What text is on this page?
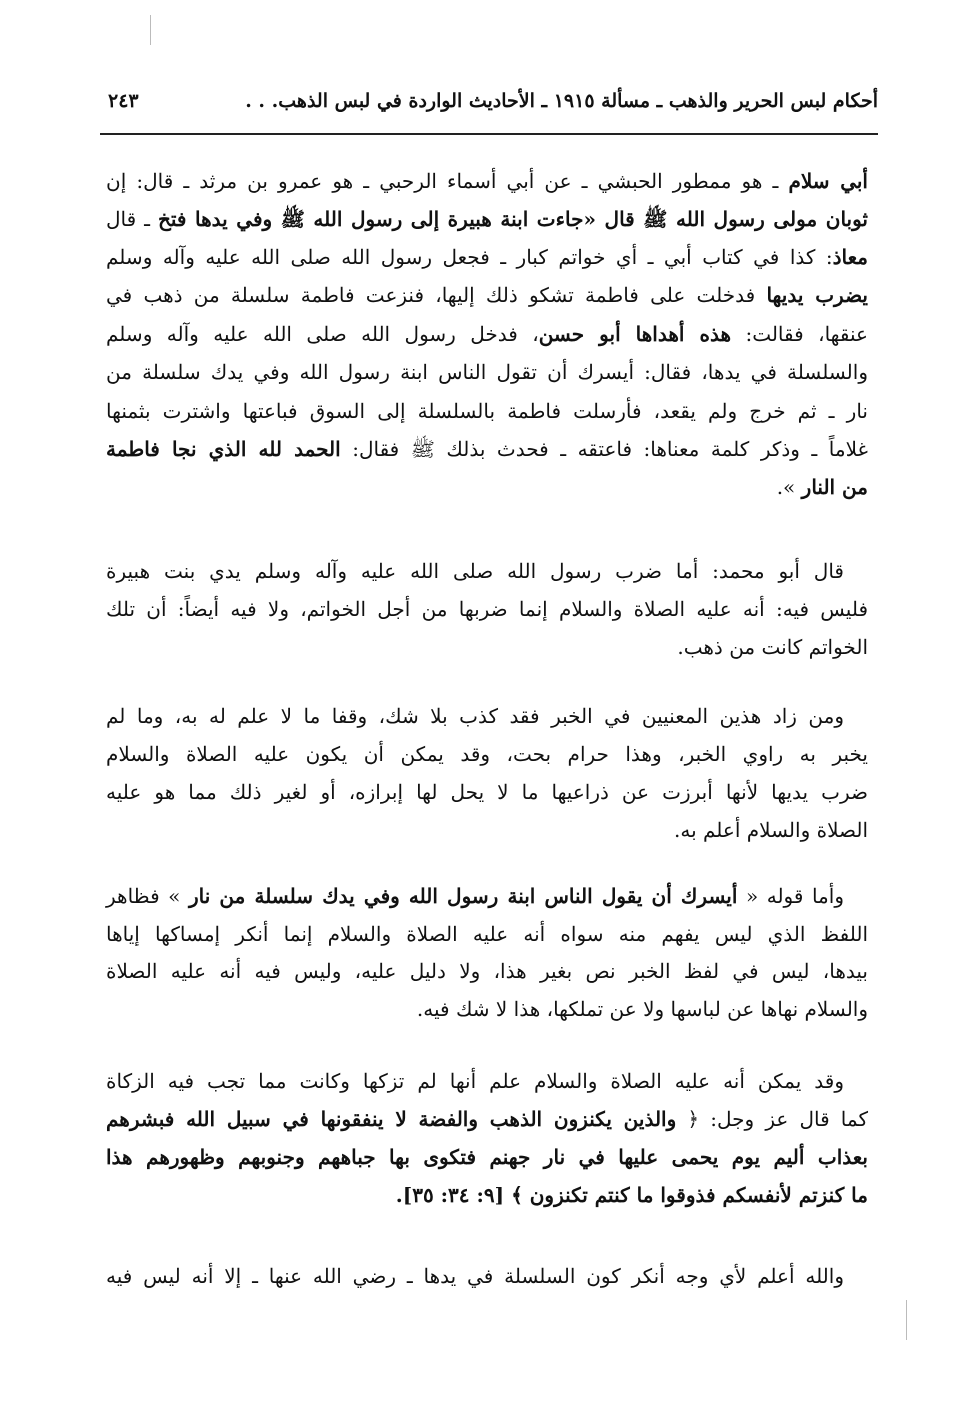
أحكام لبس الحرير والذهب ـ مسألة ١٩١٥ ـ الأحاديث الواردة في لبس الذهب. . .
٢٤٣
أبي سلام ـ هو ممطور الحبشي ـ عن أبي أسماء الرحبي ـ هو عمرو بن مرثد ـ قال: إن
ثوبان مولى رسول الله ﷺ قال «جاءت ابنة هبيرة إلى رسول الله ﷺ وفي يدها فتخ ـ قال
معاذ: كذا في كتاب أبي ـ أي خواتم كبار ـ فجعل رسول الله صلى الله عليه وآله وسلم
يضرب يديها فدخلت على فاطمة تشكو ذلك إليها، فنزعت فاطمة سلسلة من ذهب في
عنقها، فقالت: هذه أهداها أبو حسن، فدخل رسول الله صلى الله عليه وآله وسلم
والسلسلة في يدها، فقال: أيسرك أن تقول الناس ابنة رسول الله وفي يدك سلسلة من
نار ـ ثم خرج ولم يقعد، فأرسلت فاطمة بالسلسلة إلى السوق فباعتها واشترت بثمنها
غلاماً ـ وذكر كلمة معناها: فاعتقه ـ فحدث بذلك ﷺ فقال: الحمد لله الذي نجا فاطمة
من النار ».
قال أبو محمد: أما ضرب رسول الله صلى الله عليه وآله وسلم يدي بنت هبيرة
فليس فيه: أنه عليه الصلاة والسلام إنما ضربها من أجل الخواتم، ولا فيه أيضاً: أن تلك
الخواتم كانت من ذهب.
ومن زاد هذين المعنيين في الخبر فقد كذب بلا شك، وقفا ما لا علم له به، وما لم
يخبر به راوي الخبر، وهذا حرام بحت، وقد يمكن أن يكون عليه الصلاة والسلام
ضرب يديها لأنها أبرزت عن ذراعيها ما لا يحل لها إبرازه، أو لغير ذلك مما هو عليه
الصلاة والسلام أعلم به.
وأما قوله « أيسرك أن يقول الناس ابنة رسول الله وفي يدك سلسلة من نار » فظاهر
اللفظ الذي ليس يفهم منه سواه أنه عليه الصلاة والسلام إنما أنكر إمساكها إياها
بيدها، ليس في لفظ الخبر نص بغير هذا، ولا دليل عليه، وليس فيه أنه عليه الصلاة
والسلام نهاها عن لباسها ولا عن تملكها، هذا لا شك فيه.
وقد يمكن أنه عليه الصلاة والسلام علم أنها لم تزكها وكانت مما تجب فيه الزكاة
كما قال عز وجل: ﴿ والذين يكنزون الذهب والفضة لا ينفقونها في سبيل الله فبشرهم
بعذاب أليم يوم يحمى عليها في نار جهنم فتكوى بها جباههم وجنوبهم وظهورهم هذا
ما كنزتم لأنفسكم فذوقوا ما كنتم تكنزون ﴾ [٩: ٣٤: ٣٥].
والله أعلم لأي وجه أنكر كون السلسلة في يدها ـ رضي الله عنها ـ إلا أنه ليس فيه
